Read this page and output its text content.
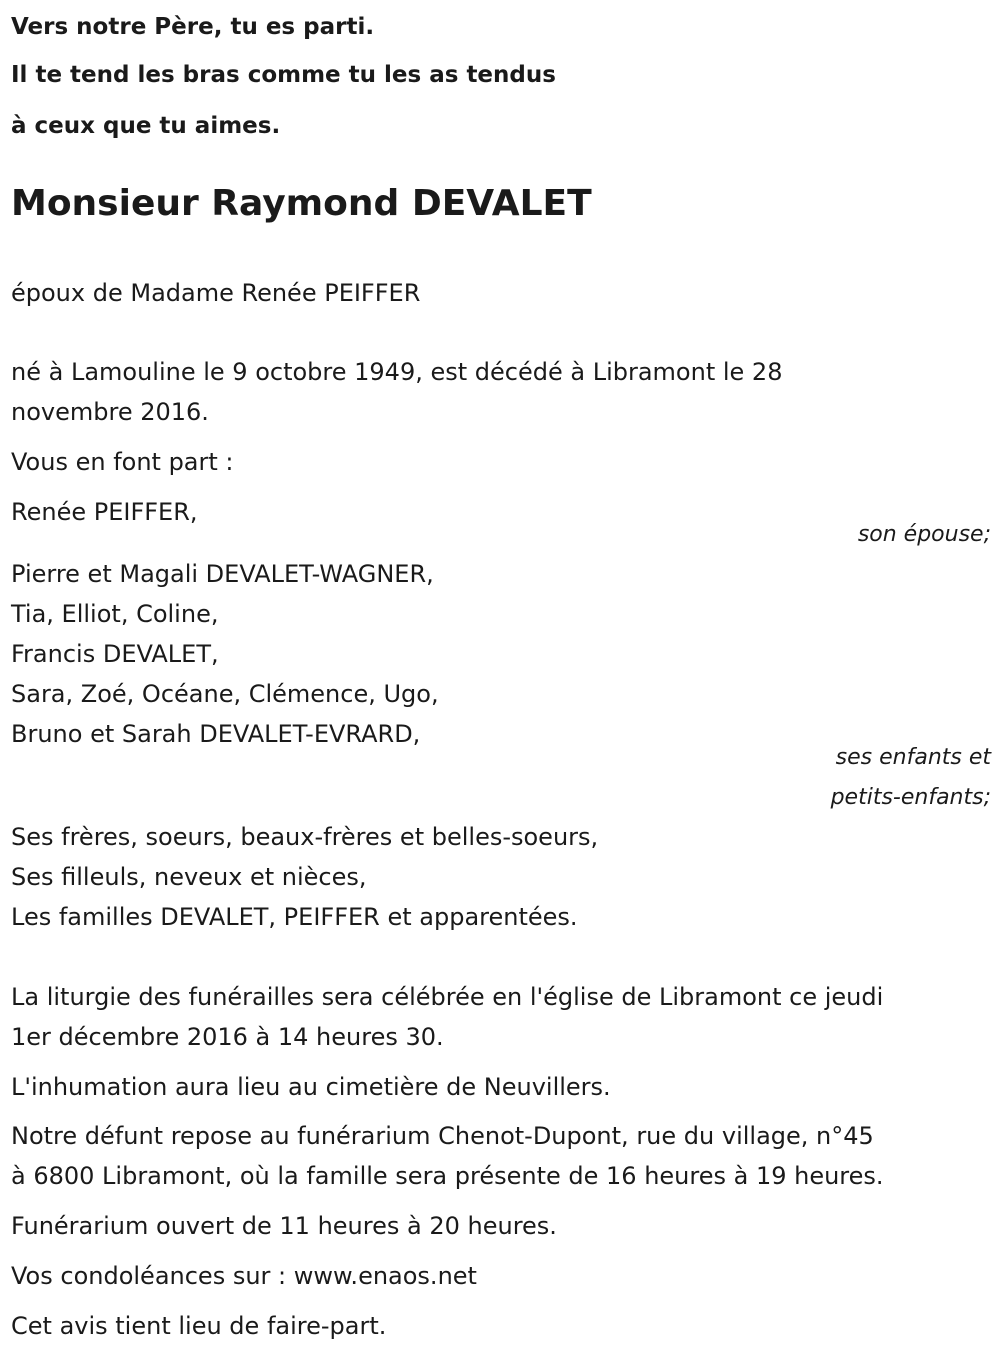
Vers notre Père, tu es parti.
Il te tend les bras comme tu les as tendus
à ceux que tu aimes.
Monsieur Raymond DEVALET
époux de Madame Renée PEIFFER
né à Lamouline le 9 octobre 1949, est décédé à Libramont le 28
novembre 2016.
Vous en font part :
Renée PEIFFER,
son épouse;
Pierre et Magali DEVALET-WAGNER,
Tia, Elliot, Coline,
Francis DEVALET,
Sara, Zoé, Océane, Clémence, Ugo,
Bruno et Sarah DEVALET-EVRARD,
ses enfants et
petits-enfants;
Ses frères, soeurs, beaux-frères et belles-soeurs,
Ses filleuls, neveux et nièces,
Les familles DEVALET, PEIFFER et apparentées.
La liturgie des funérailles sera célébrée en l'église de Libramont ce jeudi
1er décembre 2016 à 14 heures 30.
L'inhumation aura lieu au cimetière de Neuvillers.
Notre défunt repose au funérarium Chenot-Dupont, rue du village, n°45
à 6800 Libramont, où la famille sera présente de 16 heures à 19 heures.
Funérarium ouvert de 11 heures à 20 heures.
Vos condoléances sur : www.enaos.net
Cet avis tient lieu de faire-part.
